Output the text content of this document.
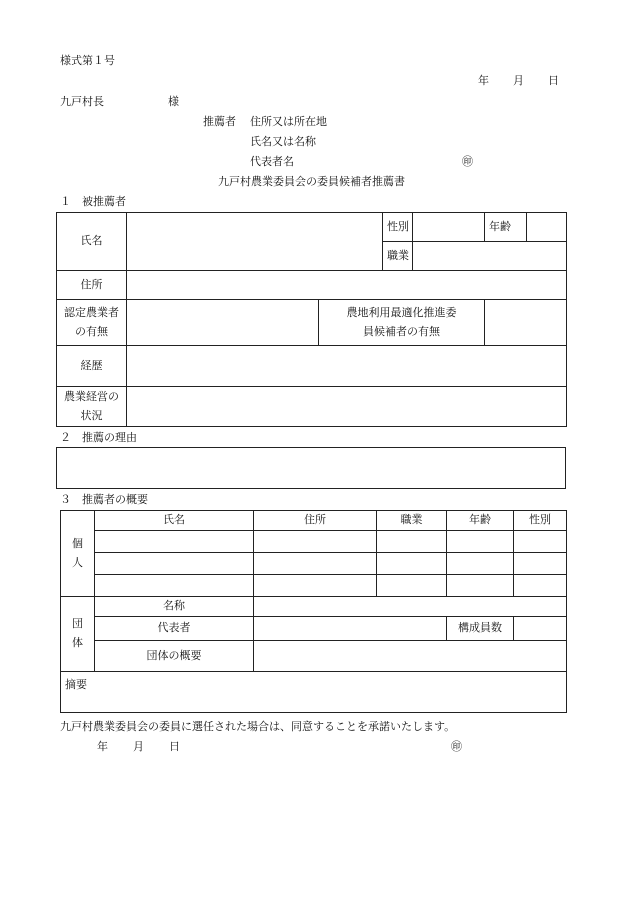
様式第１号
年 月 日
九戸村長	様
推薦者 住所又は所在地
氏名又は名称
代表者名	㊞
九戸村農業委員会の委員候補者推薦書
１　被推薦者
氏名			性別		年齢	
			職業			
住所						
認定農業者
の有無		農地利用最適化推進委
員候補者の有無				
経歴						
農業経営の
状況						
２　推薦の理由
３　推薦者の概要
個
人	氏名	住所	職業	年齢	性別

団
体	名称				
	代表者			構成員数	
	団体の概要				
摘要					
九戸村農業委員会の委員に選任された場合は、同意することを承諾いたします。
年 月 日	㊞
